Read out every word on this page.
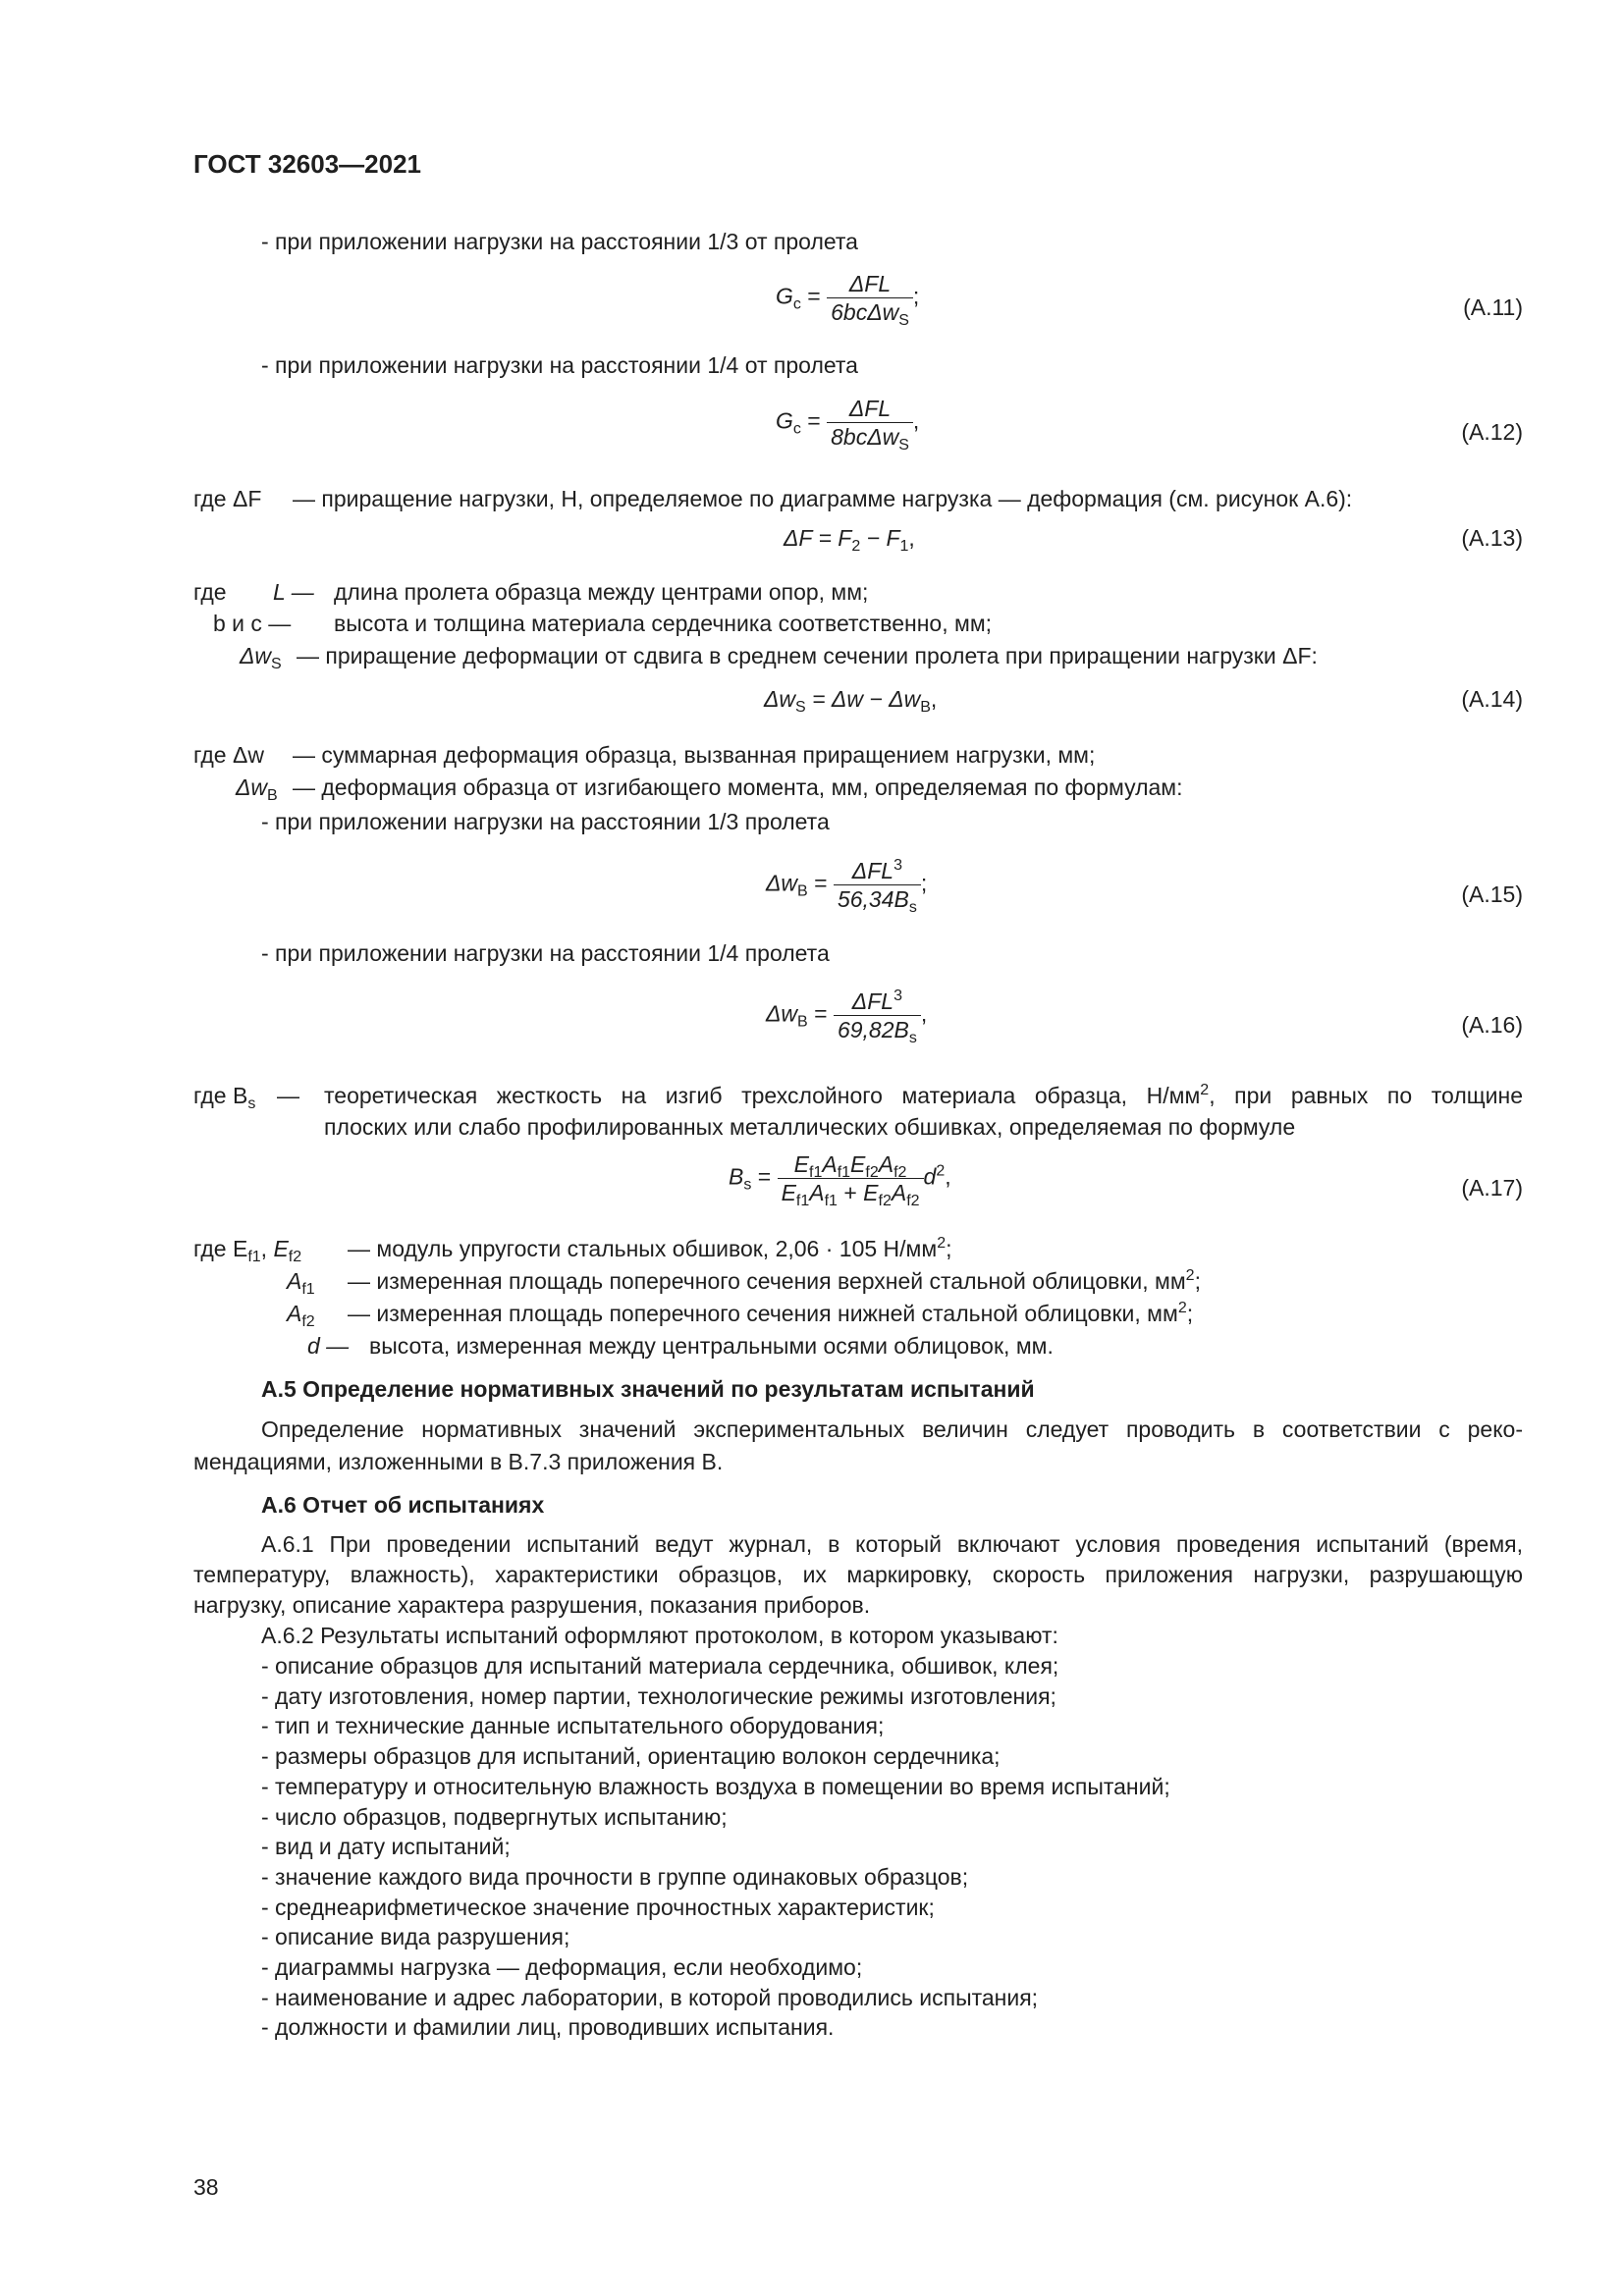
ГОСТ 32603—2021
- при приложении нагрузки на расстоянии 1/3 от пролета
$G_c = \frac{\text{ΔFL}}{6bc\Delta w_S}$ ;	(А.11)
- при приложении нагрузки на расстоянии 1/4 от пролета
$G_c = \frac{\text{ΔFL}}{8bc\Delta w_S}$ ,	(А.12)
где ΔF — приращение нагрузки, Н, определяемое по диаграмме нагрузка — деформация (см. рисунок А.6):
$\Delta F = F_2 - F_1$,	(А.13)
где L — длина пролета образца между центрами опор, мм;
b и с — высота и толщина материала сердечника соответственно, мм;
$\Delta w_S$ — приращение деформации от сдвига в среднем сечении пролета при приращении нагрузки ΔF:
$\Delta w_S = \Delta w - \Delta w_B$,	(А.14)
где Δw — суммарная деформация образца, вызванная приращением нагрузки, мм;
$\Delta w_B$ — деформация образца от изгибающего момента, мм, определяемая по формулам:
- при приложении нагрузки на расстоянии 1/3 пролета
$\Delta w_B = \frac{\Delta FL^3}{56,34B_s}$ ;	(А.15)
- при приложении нагрузки на расстоянии 1/4 пролета
$\Delta w_B = \frac{\Delta FL^3}{69,82B_s}$ ,	(А.16)
где $B_s$ — теоретическая жесткость на изгиб трехслойного материала образца, $Н/мм^2$, при равных по толщине
плоских или слабо профилированных металлических обшивках, определяемая по формуле
$B_s = \frac{E_{f1}A_{f1}E_{f2}A_{f2}}{E_{f1}A_{f1} + E_{f2}A_{f2}} d^2$,	(А.17)
где $E_{f1}$, $E_{f2}$ — модуль упругости стальных обшивок, 2,06 · 105 $Н/мм^2$;
$A_{f1}$ — измеренная площадь поперечного сечения верхней стальной облицовки, $мм^2$;
$A_{f2}$ — измеренная площадь поперечного сечения нижней стальной облицовки, $мм^2$;
d — высота, измеренная между центральными осями облицовок, мм.
А.5 Определение нормативных значений по результатам испытаний
Определение нормативных значений экспериментальных величин следует проводить в соответствии с реко-
мендациями, изложенными в В.7.3 приложения В.
А.6 Отчет об испытаниях
А.6.1 При проведении испытаний ведут журнал, в который включают условия проведения испытаний (время,
температуру, влажность), характеристики образцов, их маркировку, скорость приложения нагрузки, разрушающую
нагрузку, описание характера разрушения, показания приборов.
А.6.2 Результаты испытаний оформляют протоколом, в котором указывают:
- описание образцов для испытаний материала сердечника, обшивок, клея;
- дату изготовления, номер партии, технологические режимы изготовления;
- тип и технические данные испытательного оборудования;
- размеры образцов для испытаний, ориентацию волокон сердечника;
- температуру и относительную влажность воздуха в помещении во время испытаний;
- число образцов, подвергнутых испытанию;
- вид и дату испытаний;
- значение каждого вида прочности в группе одинаковых образцов;
- среднеарифметическое значение прочностных характеристик;
- описание вида разрушения;
- диаграммы нагрузка — деформация, если необходимо;
- наименование и адрес лаборатории, в которой проводились испытания;
- должности и фамилии лиц, проводивших испытания.
38
